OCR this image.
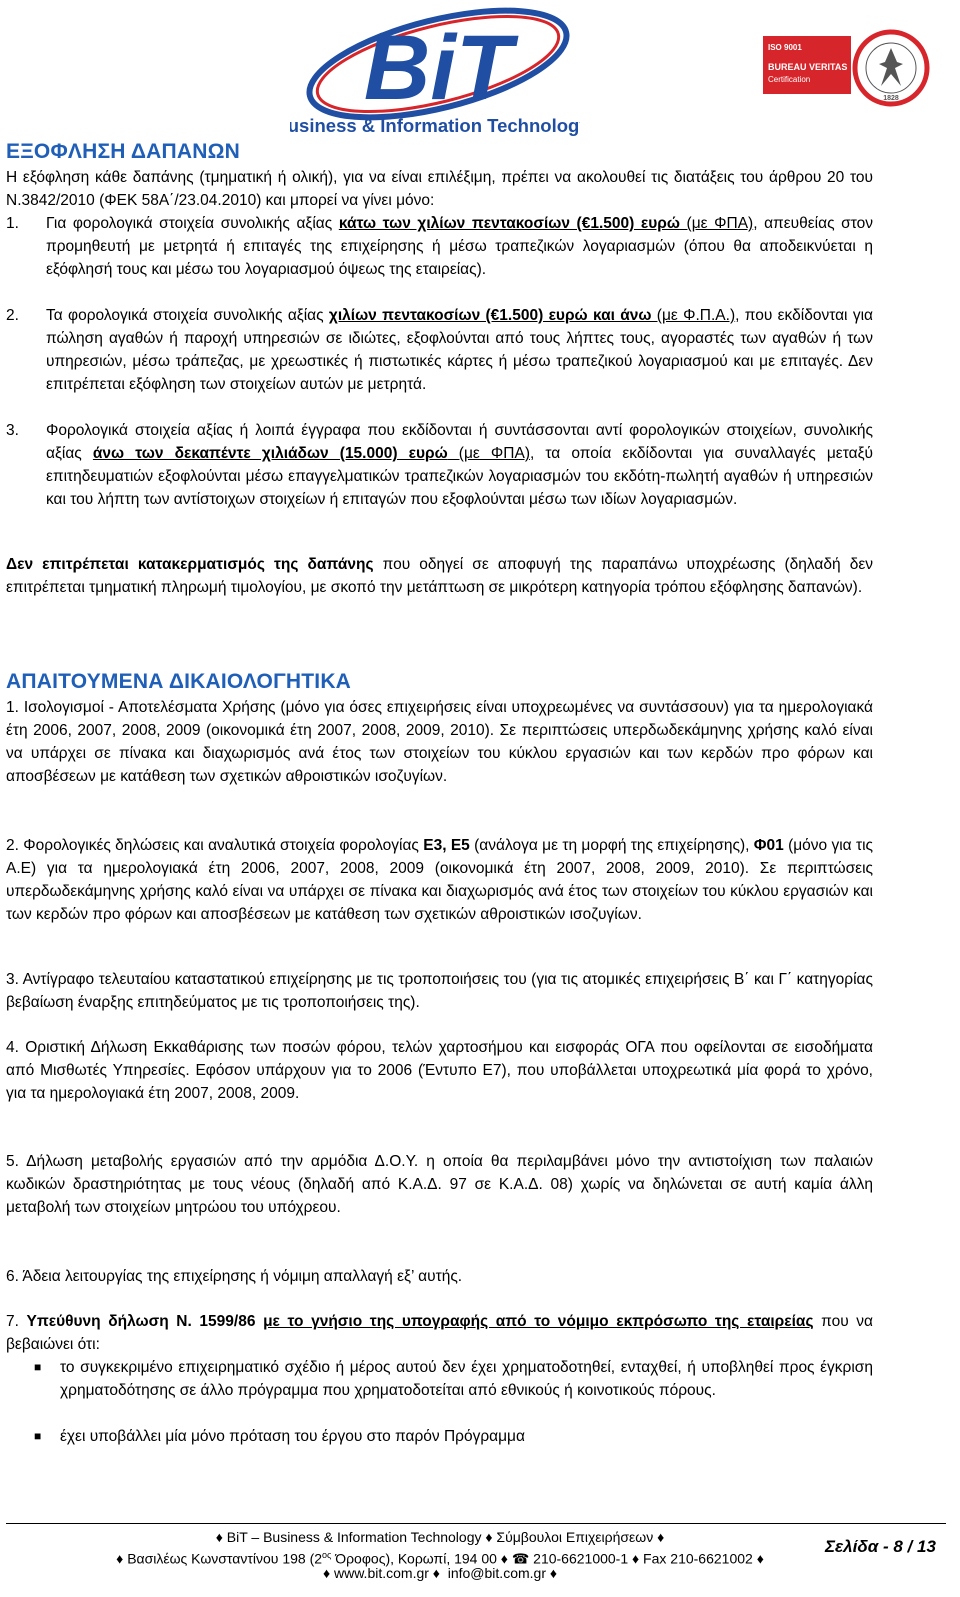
BiT
Business & Information Technology
ISO 9001
BUREAU VERITAS
Certification
1828
ΕΞΟΦΛΗΣΗ ΔΑΠΑΝΩΝ

Η εξόφληση κάθε δαπάνης (τμηματική ή ολική), για να είναι επιλέξιμη, πρέπει να ακολουθεί τις διατάξεις του άρθρου 20 του Ν.3842/2010 (ΦΕΚ 58Α΄/23.04.2010) και μπορεί να γίνει μόνο:

1.	Για φορολογικά στοιχεία συνολικής αξίας κάτω των χιλίων πεντακοσίων (€1.500) ευρώ (με ΦΠΑ), απευθείας στον προμηθευτή με μετρητά ή επιταγές της επιχείρησης ή μέσω τραπεζικών λογαριασμών (όπου θα αποδεικνύεται η εξόφλησή τους και μέσω του λογαριασμού όψεως της εταιρείας).

2.	Τα φορολογικά στοιχεία συνολικής αξίας χιλίων πεντακοσίων (€1.500) ευρώ και άνω (με Φ.Π.Α.), που εκδίδονται για πώληση αγαθών ή παροχή υπηρεσιών σε ιδιώτες, εξοφλούνται από τους λήπτες τους, αγοραστές των αγαθών ή των υπηρεσιών, μέσω τράπεζας, με χρεωστικές ή πιστωτικές κάρτες ή μέσω τραπεζικού λογαριασμού και με επιταγές. Δεν επιτρέπεται εξόφληση των στοιχείων αυτών με μετρητά.

3.	Φορολογικά στοιχεία αξίας ή λοιπά έγγραφα που εκδίδονται ή συντάσσονται αντί φορολογικών στοιχείων, συνολικής αξίας άνω των δεκαπέντε χιλιάδων (15.000) ευρώ (με ΦΠΑ), τα οποία εκδίδονται για συναλλαγές μεταξύ επιτηδευματιών εξοφλούνται μέσω επαγγελματικών τραπεζικών λογαριασμών του εκδότη-πωλητή αγαθών ή υπηρεσιών και του λήπτη των αντίστοιχων στοιχείων ή επιταγών που εξοφλούνται μέσω των ιδίων λογαριασμών.

Δεν επιτρέπεται κατακερματισμός της δαπάνης που οδηγεί σε αποφυγή της παραπάνω υποχρέωσης (δηλαδή δεν επιτρέπεται τμηματική πληρωμή τιμολογίου, με σκοπό την μετάπτωση σε μικρότερη κατηγορία τρόπου εξόφλησης δαπανών).

ΑΠΑΙΤΟΥΜΕΝΑ ΔΙΚΑΙΟΛΟΓΗΤΙΚΑ

1. Ισολογισμοί - Αποτελέσματα Χρήσης (μόνο για όσες επιχειρήσεις είναι υποχρεωμένες να συντάσσουν) για τα ημερολογιακά έτη 2006, 2007, 2008, 2009 (οικονομικά έτη 2007, 2008, 2009, 2010). Σε περιπτώσεις υπερδωδεκάμηνης χρήσης καλό είναι να υπάρχει σε πίνακα και διαχωρισμός ανά έτος των στοιχείων του κύκλου εργασιών και των κερδών προ φόρων και αποσβέσεων με κατάθεση των σχετικών αθροιστικών ισοζυγίων.

2. Φορολογικές δηλώσεις και αναλυτικά στοιχεία φορολογίας Ε3, Ε5 (ανάλογα με τη μορφή της επιχείρησης), Φ01 (μόνο για τις Α.Ε) για τα ημερολογιακά έτη 2006, 2007, 2008, 2009 (οικονομικά έτη 2007, 2008, 2009, 2010). Σε περιπτώσεις υπερδωδεκάμηνης χρήσης καλό είναι να υπάρχει σε πίνακα και διαχωρισμός ανά έτος των στοιχείων του κύκλου εργασιών και των κερδών προ φόρων και αποσβέσεων με κατάθεση των σχετικών αθροιστικών ισοζυγίων.

3. Αντίγραφο τελευταίου καταστατικού επιχείρησης με τις τροποποιήσεις του (για τις ατομικές επιχειρήσεις Β΄ και Γ΄ κατηγορίας βεβαίωση έναρξης επιτηδεύματος με τις τροποποιήσεις της).

4. Οριστική Δήλωση Εκκαθάρισης των ποσών φόρου, τελών χαρτοσήμου και εισφοράς ΟΓΑ που οφείλονται σε εισοδήματα από Μισθωτές Υπηρεσίες. Εφόσον υπάρχουν για το 2006 (Έντυπο Ε7), που υποβάλλεται υποχρεωτικά μία φορά το χρόνο, για τα ημερολογιακά έτη 2007, 2008, 2009.

5. Δήλωση μεταβολής εργασιών από την αρμόδια Δ.Ο.Υ. η οποία θα περιλαμβάνει μόνο την αντιστοίχιση των παλαιών κωδικών δραστηριότητας με τους νέους (δηλαδή από Κ.Α.Δ. 97 σε Κ.Α.Δ. 08) χωρίς να δηλώνεται σε αυτή καμία άλλη μεταβολή των στοιχείων μητρώου του υπόχρεου.

6. Άδεια λειτουργίας της επιχείρησης ή νόμιμη απαλλαγή εξ’ αυτής.

7. Υπεύθυνη δήλωση Ν. 1599/86 με το γνήσιο της υπογραφής από το νόμιμο εκπρόσωπο της εταιρείας που να βεβαιώνει ότι:

■ το συγκεκριμένο επιχειρηματικό σχέδιο ή μέρος αυτού δεν έχει χρηματοδοτηθεί, ενταχθεί, ή υποβληθεί προς έγκριση χρηματοδότησης σε άλλο πρόγραμμα που χρηματοδοτείται από εθνικούς ή κοινοτικούς πόρους.

■ έχει υποβάλλει μία μόνο πρόταση του έργου στο παρόν Πρόγραμμα

♦ BiT – Business & Information Technology ♦ Σύμβουλοι Επιχειρήσεων ♦
♦ Βασιλέως Κωνσταντίνου 198 ($2^{o\varsigma}$ Όροφος), Κορωπί, 194 00 ♦ ☎ 210-6621000-1 ♦ Fax 210-6621002 ♦
♦ www.bit.com.gr ♦ info@bit.com.gr ♦
Σελίδα - 8 / 13
